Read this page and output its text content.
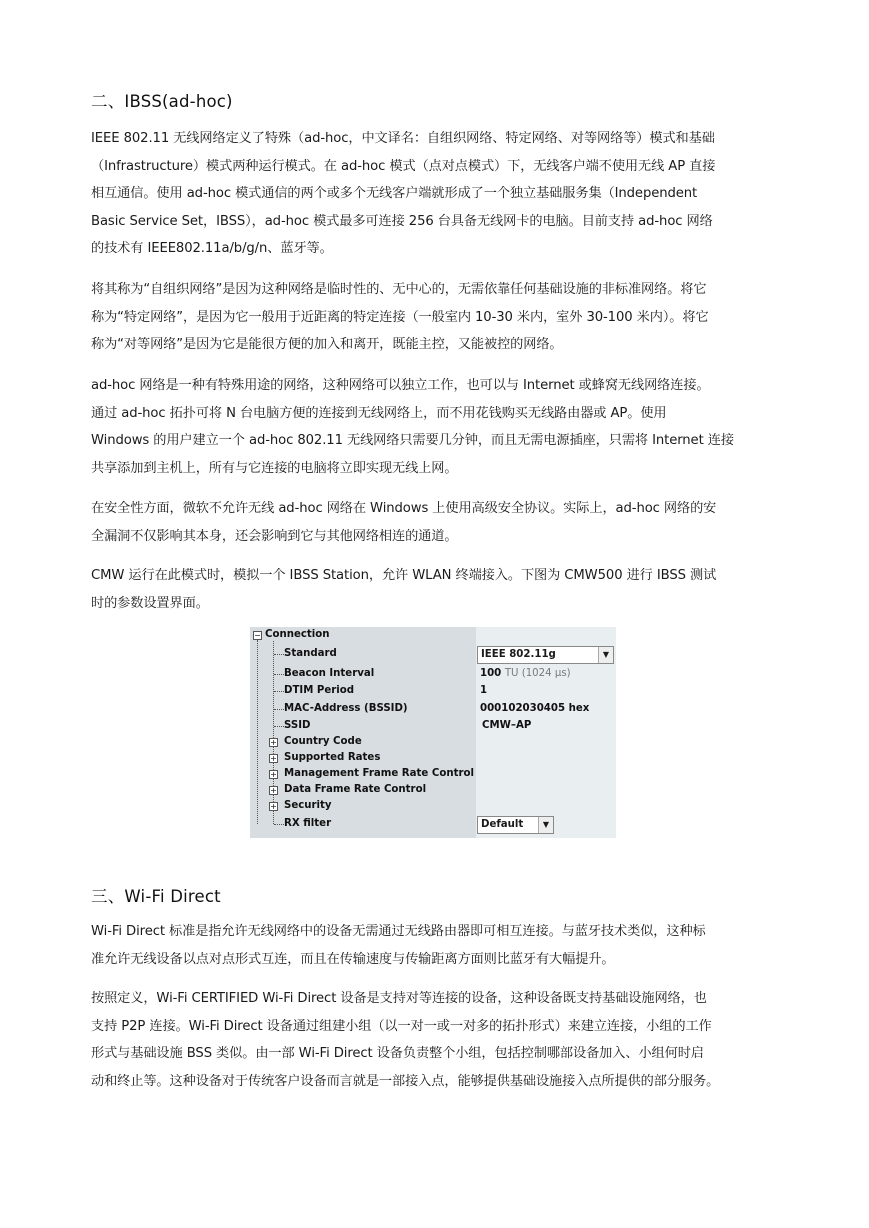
二、IBSS(ad-hoc)
IEEE 802.11 无线网络定义了特殊（ad-hoc，中文译名：自组织网络、特定网络、对等网络等）模式和基础
（Infrastructure）模式两种运行模式。在 ad-hoc 模式（点对点模式）下，无线客户端不使用无线 AP 直接
相互通信。使用 ad-hoc 模式通信的两个或多个无线客户端就形成了一个独立基础服务集（Independent
Basic Service Set，IBSS），ad-hoc 模式最多可连接 256 台具备无线网卡的电脑。目前支持 ad-hoc 网络
的技术有 IEEE802.11a/b/g/n、蓝牙等。
将其称为“自组织网络”是因为这种网络是临时性的、无中心的，无需依靠任何基础设施的非标准网络。将它
称为“特定网络”，是因为它一般用于近距离的特定连接（一般室内 10-30 米内，室外 30-100 米内）。将它
称为“对等网络”是因为它是能很方便的加入和离开，既能主控，又能被控的网络。
ad-hoc 网络是一种有特殊用途的网络，这种网络可以独立工作，也可以与 Internet 或蜂窝无线网络连接。
通过 ad-hoc 拓扑可将 N 台电脑方便的连接到无线网络上，而不用花钱购买无线路由器或 AP。使用
Windows 的用户建立一个 ad-hoc 802.11 无线网络只需要几分钟，而且无需电源插座，只需将 Internet 连接
共享添加到主机上，所有与它连接的电脑将立即实现无线上网。
在安全性方面，微软不允许无线 ad-hoc 网络在 Windows 上使用高级安全协议。实际上，ad-hoc 网络的安
全漏洞不仅影响其本身，还会影响到它与其他网络相连的通道。
CMW 运行在此模式时，模拟一个 IBSS Station，允许 WLAN 终端接入。下图为 CMW500 进行 IBSS 测试
时的参数设置界面。
− Connection
Standard
Beacon Interval
DTIM Period
MAC-Address (BSSID)
SSID
+ Country Code
+ Supported Rates
+ Management Frame Rate Control
+ Data Frame Rate Control
+ Security
RX filter
IEEE 802.11g	▼
100 TU (1024 µs)
1
000102030405 hex
CMW–AP
Default	▼
三、Wi-Fi Direct
Wi-Fi Direct 标准是指允许无线网络中的设备无需通过无线路由器即可相互连接。与蓝牙技术类似，这种标
准允许无线设备以点对点形式互连，而且在传输速度与传输距离方面则比蓝牙有大幅提升。
按照定义，Wi-Fi CERTIFIED Wi-Fi Direct 设备是支持对等连接的设备，这种设备既支持基础设施网络，也
支持 P2P 连接。Wi-Fi Direct 设备通过组建小组（以一对一或一对多的拓扑形式）来建立连接，小组的工作
形式与基础设施 BSS 类似。由一部 Wi-Fi Direct 设备负责整个小组，包括控制哪部设备加入、小组何时启
动和终止等。这种设备对于传统客户设备而言就是一部接入点，能够提供基础设施接入点所提供的部分服务。
